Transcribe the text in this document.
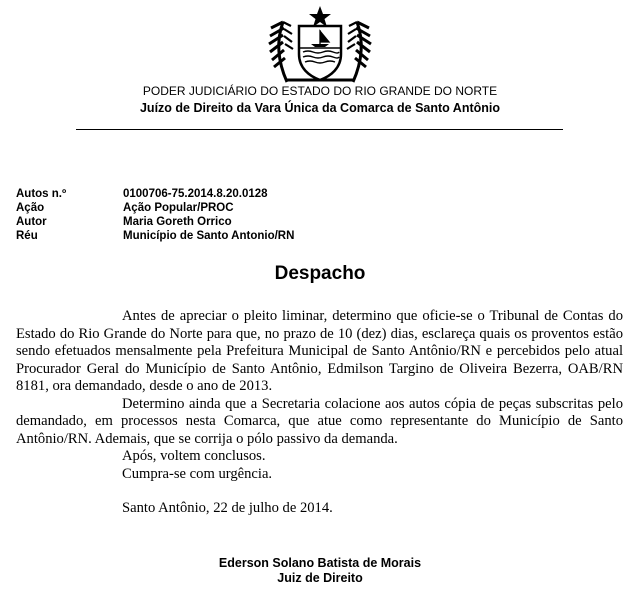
PODER JUDICIÁRIO DO ESTADO DO RIO GRANDE DO NORTE
Juízo de Direito da Vara Única da Comarca de Santo Antônio
Autos n.º	0100706-75.2014.8.20.0128
Ação	Ação Popular/PROC
Autor	Maria Goreth Orrico
Réu	Município de Santo Antonio/RN
Despacho

Antes de apreciar o pleito liminar, determino que oficie-se o Tribunal de Contas do Estado do Rio Grande do Norte para que, no prazo de 10 (dez) dias, esclareça quais os proventos estão sendo efetuados mensalmente pela Prefeitura Municipal de Santo Antônio/RN e percebidos pelo atual Procurador Geral do Município de Santo Antônio, Edmilson Targino de Oliveira Bezerra, OAB/RN 8181, ora demandado, desde o ano de 2013.

Determino ainda que a Secretaria colacione aos autos cópia de peças subscritas pelo demandado, em processos nesta Comarca, que atue como representante do Município de Santo Antônio/RN. Ademais, que se corrija o pólo passivo da demanda.

Após, voltem conclusos.

Cumpra-se com urgência.

Santo Antônio, 22 de julho de 2014.

Ederson Solano Batista de Morais
Juiz de Direito
